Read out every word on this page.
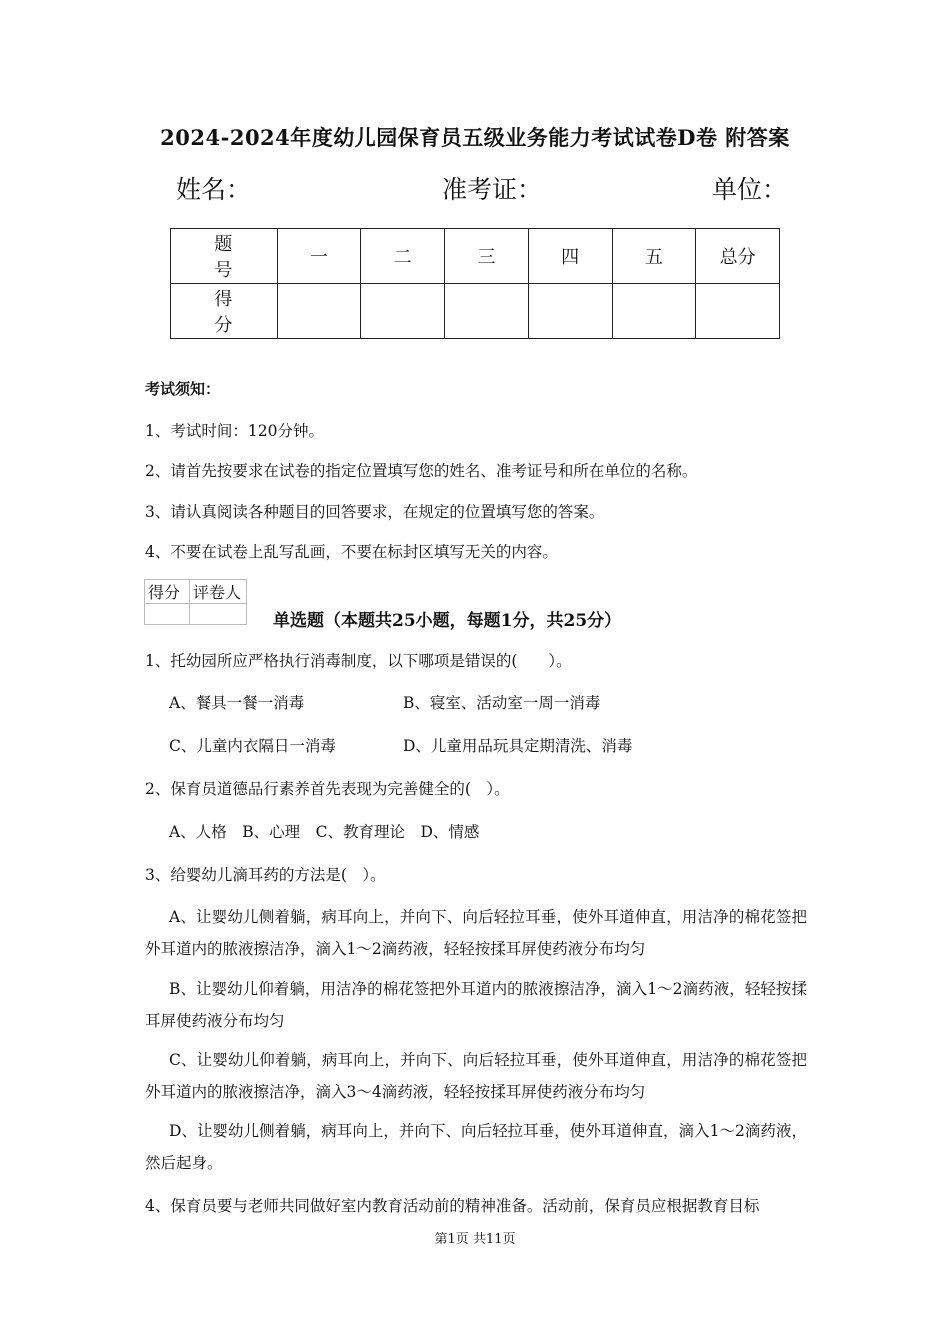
2024-2024年度幼儿园保育员五级业务能力考试试卷D卷 附答案
姓名：	准考证：	单位：
题 号	一	二	三	四	五	总分
得 分						
考试须知：
1、考试时间：120分钟。
2、请首先按要求在试卷的指定位置填写您的姓名、准考证号和所在单位的名称。
3、请认真阅读各种题目的回答要求，在规定的位置填写您的答案。
4、不要在试卷上乱写乱画，不要在标封区填写无关的内容。
得分	评卷人

单选题（本题共25小题，每题1分，共25分）
1、托幼园所应严格执行消毒制度，以下哪项是错误的(　　）。
A、餐具一餐一消毒	B、寝室、活动室一周一消毒
C、儿童内衣隔日一消毒	D、儿童用品玩具定期清洗、消毒
2、保育员道德品行素养首先表现为完善健全的(　）。
A、人格　B、心理　C、教育理论　D、情感
3、给婴幼儿滴耳药的方法是(　）。
A、让婴幼儿侧着躺，病耳向上，并向下、向后轻拉耳垂，使外耳道伸直，用洁净的棉花签把外耳道内的脓液擦洁净，滴入1～2滴药液，轻轻按揉耳屏使药液分布均匀
B、让婴幼儿仰着躺，用洁净的棉花签把外耳道内的脓液擦洁净，滴入1～2滴药液，轻轻按揉耳屏使药液分布均匀
C、让婴幼儿仰着躺，病耳向上，并向下、向后轻拉耳垂，使外耳道伸直，用洁净的棉花签把外耳道内的脓液擦洁净，滴入3～4滴药液，轻轻按揉耳屏使药液分布均匀
D、让婴幼儿侧着躺，病耳向上，并向下、向后轻拉耳垂，使外耳道伸直，滴入1～2滴药液，然后起身。
4、保育员要与老师共同做好室内教育活动前的精神准备。活动前，保育员应根据教育目标
第1页 共11页
